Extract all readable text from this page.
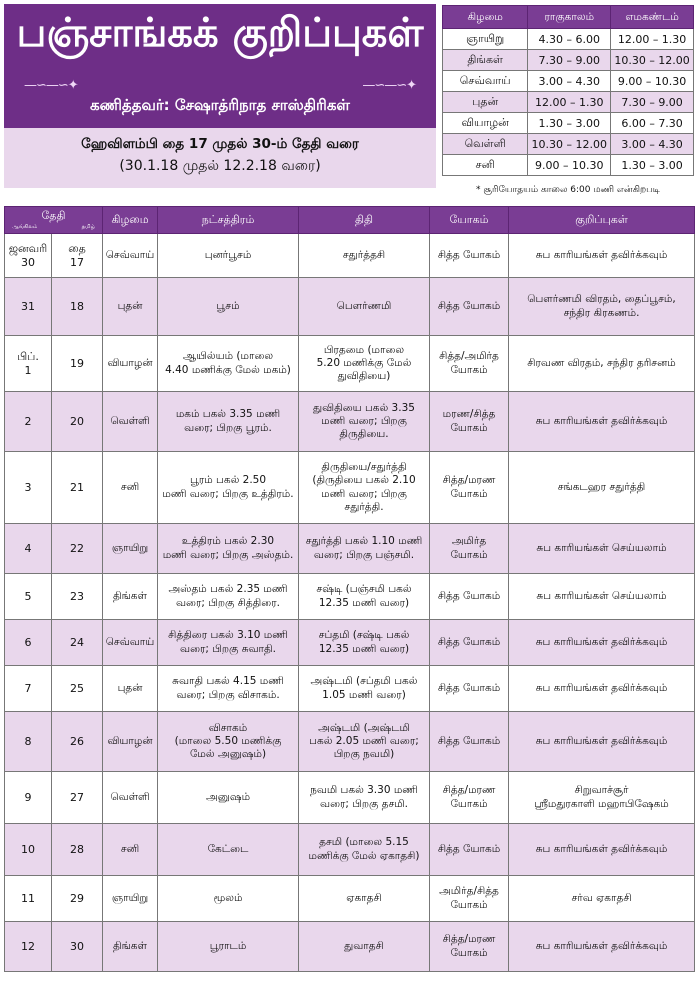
பஞ்சாங்கக் குறிப்புகள்
—∽—∽✦	—∽—∽✦
கணித்தவர்: சேஷாத்ரிநாத சாஸ்திரிகள்
ஹேவிளம்பி தை 17 முதல் 30-ம் தேதி வரை
(30.1.18 முதல் 12.2.18 வரை)
கிழமை	ராகுகாலம்	எமகண்டம்
ஞாயிறு	4.30 – 6.00	12.00 – 1.30
திங்கள்	7.30 – 9.00	10.30 – 12.00
செவ்வாய்	3.00 – 4.30	9.00 – 10.30
புதன்	12.00 – 1.30	7.30 – 9.00
வியாழன்	1.30 – 3.00	6.00 – 7.30
வெள்ளி	10.30 – 12.00	3.00 – 4.30
சனி	9.00 – 10.30	1.30 – 3.00
* சூரியோதயம் காலை 6:00 மணி என்கிறபடி
தேதி
ஆங்கிலம் தமிழ்		கிழமை	நட்சத்திரம்	திதி	யோகம்	குறிப்புகள்
ஜனவரி
30	தை
17	செவ்வாய்	புனர்பூசம்	சதுர்த்தசி	சித்த யோகம்	சுப காரியங்கள் தவிர்க்கவும்
31	18	புதன்	பூசம்	பௌர்ணமி	சித்த யோகம்	பௌர்ணமி விரதம், தைப்பூசம்,
சந்திர கிரகணம்.
பிப்.
1	19	வியாழன்	ஆயில்யம் (மாலை
4.40 மணிக்கு மேல் மகம்)	பிரதமை (மாலை
5.20 மணிக்கு மேல்
துவிதியை)	சித்த/அமிர்த
யோகம்	சிரவண விரதம், சந்திர தரிசனம்
2	20	வெள்ளி	மகம் பகல் 3.35 மணி
வரை; பிறகு பூரம்.	துவிதியை பகல் 3.35
மணி வரை; பிறகு
திருதியை.	மரண/சித்த
யோகம்	சுப காரியங்கள் தவிர்க்கவும்
3	21	சனி	பூரம் பகல் 2.50
மணி வரை; பிறகு உத்திரம்.	திருதியை/சதுர்த்தி
(திருதியை பகல் 2.10
மணி வரை; பிறகு
சதுர்த்தி.	சித்த/மரண
யோகம்	சங்கடஹர சதுர்த்தி
4	22	ஞாயிறு	உத்திரம் பகல் 2.30
மணி வரை; பிறகு அஸ்தம்.	சதுர்த்தி பகல் 1.10 மணி
வரை; பிறகு பஞ்சமி.	அமிர்த
யோகம்	சுப காரியங்கள் செய்யலாம்
5	23	திங்கள்	அஸ்தம் பகல் 2.35 மணி
வரை; பிறகு சித்திரை.	சஷ்டி (பஞ்சமி பகல்
12.35 மணி வரை)	சித்த யோகம்	சுப காரியங்கள் செய்யலாம்
6	24	செவ்வாய்	சித்திரை பகல் 3.10 மணி
வரை; பிறகு சுவாதி.	சப்தமி (சஷ்டி பகல்
12.35 மணி வரை)	சித்த யோகம்	சுப காரியங்கள் தவிர்க்கவும்
7	25	புதன்	சுவாதி பகல் 4.15 மணி
வரை; பிறகு விசாகம்.	அஷ்டமி (சப்தமி பகல்
1.05 மணி வரை)	சித்த யோகம்	சுப காரியங்கள் தவிர்க்கவும்
8	26	வியாழன்	விசாகம்
(மாலை 5.50 மணிக்கு
மேல் அனுஷம்)	அஷ்டமி (அஷ்டமி
பகல் 2.05 மணி வரை;
பிறகு நவமி)	சித்த யோகம்	சுப காரியங்கள் தவிர்க்கவும்
9	27	வெள்ளி	அனுஷம்	நவமி பகல் 3.30 மணி
வரை; பிறகு தசமி.	சித்த/மரண
யோகம்	சிறுவாச்சூர்
ஸ்ரீமதுரகாளி மஹாபிஷேகம்
10	28	சனி	கேட்டை	தசமி (மாலை 5.15
மணிக்கு மேல் ஏகாதசி)	சித்த யோகம்	சுப காரியங்கள் தவிர்க்கவும்
11	29	ஞாயிறு	மூலம்	ஏகாதசி	அமிர்த/சித்த
யோகம்	சர்வ ஏகாதசி
12	30	திங்கள்	பூராடம்	துவாதசி	சித்த/மரண
யோகம்	சுப காரியங்கள் தவிர்க்கவும்
